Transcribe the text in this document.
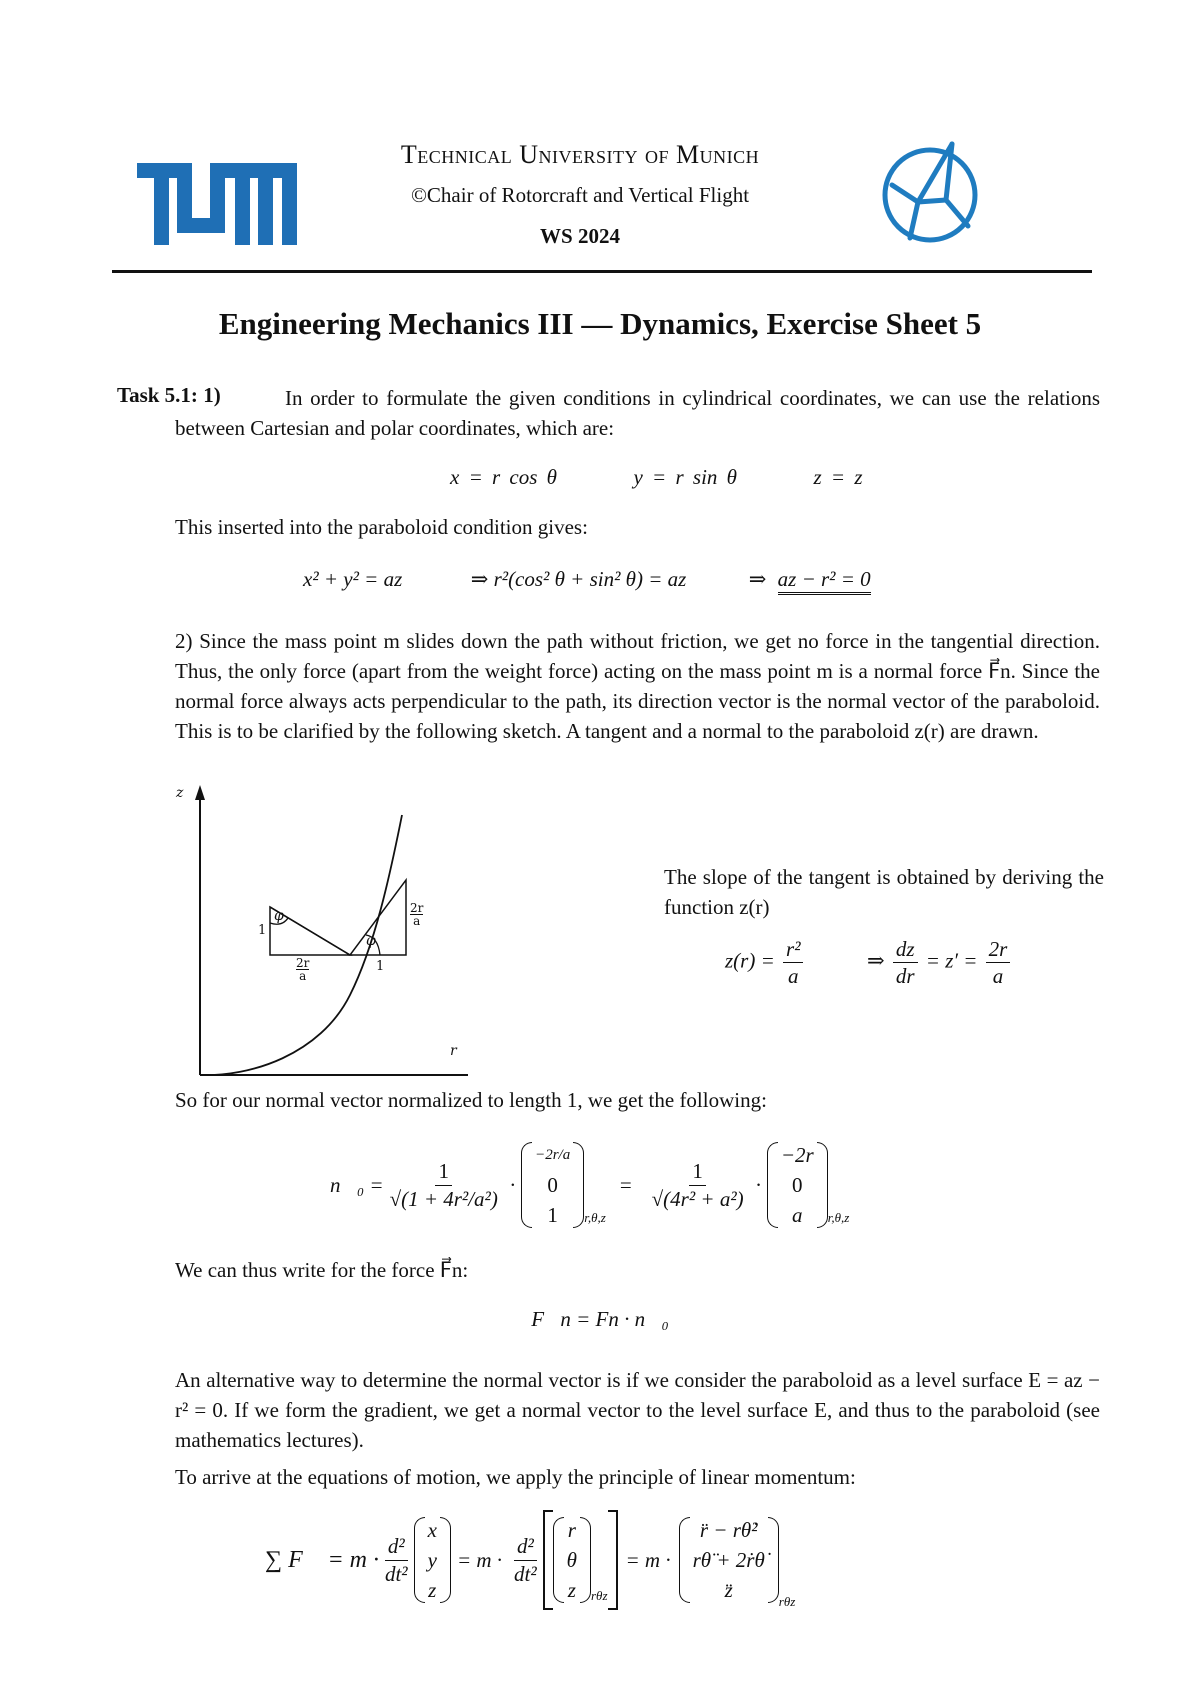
Technical University of Munich
©Chair of Rotorcraft and Vertical Flight
WS 2024
Engineering Mechanics III — Dynamics, Exercise Sheet 5
Task 5.1: 1)	In order to formulate the given conditions in cylindrical coordinates, we can use the relations between Cartesian and polar coordinates, which are:
x = r cos θ	y = r sin θ	z = z
This inserted into the paraboloid condition gives:
x² + y² = az	⇒ r²(cos² θ + sin² θ) = az	⇒ az − r² = 0
2) Since the mass point m slides down the path without friction, we get no force in the tangential direction. Thus, the only force (apart from the weight force) acting on the mass point m is a normal force F⃗n. Since the normal force always acts perpendicular to the path, its direction vector is the normal vector of the paraboloid. This is to be clarified by the following sketch. A tangent and a normal to the paraboloid z(r) are drawn.
z
r
φ
φ
1
1
$\frac{2r}{a}$
$\frac{2r}{a}$
The slope of the tangent is obtained by deriving the function z(r)
$z(r) = \frac{\text{r²}}{a}$	⇒ $\frac{dz}{dr} = z' = \frac{2r}{a}$
So for our normal vector normalized to length 1, we get the following:
n⃗₀ = $\frac{1}{\text{√(1 + 4r²/a²)}}$ ·
−2r/a
0
1 r,θ,z
= $\frac{1}{\text{√(4r² + a²)}}$ ·
−2r
0
a r,θ,z
We can thus write for the force F⃗n:
F⃗n = Fn · n⃗₀
An alternative way to determine the normal vector is if we consider the paraboloid as a level surface E = az − r² = 0. If we form the gradient, we get a normal vector to the level surface E, and thus to the paraboloid (see mathematics lectures).
To arrive at the equations of motion, we apply the principle of linear momentum:
∑ F⃗ = $m \cdot \frac{\text{d²}}{\text{dt²}}$
x
y
z
= $m \cdot \frac{\text{d²}}{\text{dt²}}$
r
θ
z rθz
= m ·
r̈ − rθ̇²
rθ̈ + 2ṙθ̇
z̈	rθz
